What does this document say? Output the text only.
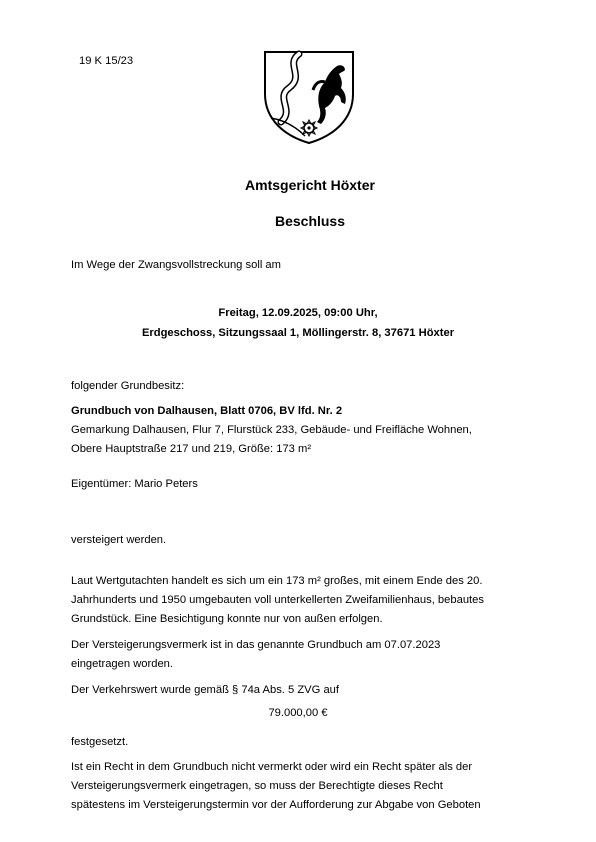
19 K 15/23
Amtsgericht Höxter
Beschluss
Im Wege der Zwangsvollstreckung soll am
Freitag, 12.09.2025, 09:00 Uhr,
Erdgeschoss, Sitzungssaal 1, Möllingerstr. 8, 37671 Höxter
folgender Grundbesitz:
Grundbuch von Dalhausen, Blatt 0706, BV lfd. Nr. 2
Gemarkung Dalhausen, Flur 7, Flurstück 233, Gebäude- und Freifläche Wohnen,
Obere Hauptstraße 217 und 219, Größe: 173 m²
Eigentümer: Mario Peters
versteigert werden.
Laut Wertgutachten handelt es sich um ein 173 m² großes, mit einem Ende des 20.
Jahrhunderts und 1950 umgebauten voll unterkellerten Zweifamilienhaus, bebautes
Grundstück. Eine Besichtigung konnte nur von außen erfolgen.
Der Versteigerungsvermerk ist in das genannte Grundbuch am 07.07.2023
eingetragen worden.
Der Verkehrswert wurde gemäß § 74a Abs. 5 ZVG auf
79.000,00 €
festgesetzt.
Ist ein Recht in dem Grundbuch nicht vermerkt oder wird ein Recht später als der
Versteigerungsvermerk eingetragen, so muss der Berechtigte dieses Recht
spätestens im Versteigerungstermin vor der Aufforderung zur Abgabe von Geboten
